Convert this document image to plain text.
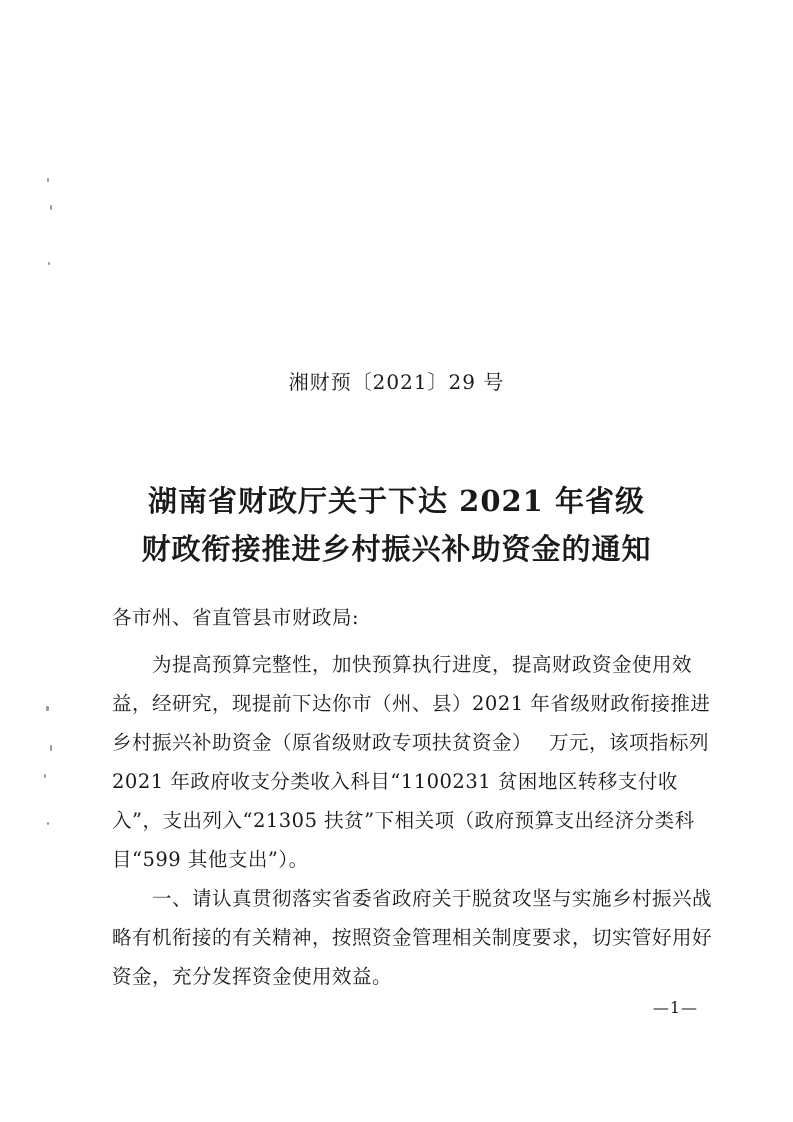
湘财预〔2021〕29 号
湖南省财政厅关于下达 2021 年省级
财政衔接推进乡村振兴补助资金的通知

各市州、省直管县市财政局:

为提高预算完整性，加快预算执行进度，提高财政资金使用效益，经研究，现提前下达你市（州、县）2021 年省级财政衔接推进乡村振兴补助资金（原省级财政专项扶贫资金）　 万元，该项指标列 2021 年政府收支分类收入科目“1100231 贫困地区转移支付收入”，支出列入“21305 扶贫”下相关项（政府预算支出经济分类科目“599 其他支出”）。

一、请认真贯彻落实省委省政府关于脱贫攻坚与实施乡村振兴战略有机衔接的有关精神，按照资金管理相关制度要求，切实管好用好资金，充分发挥资金使用效益。

—1—
